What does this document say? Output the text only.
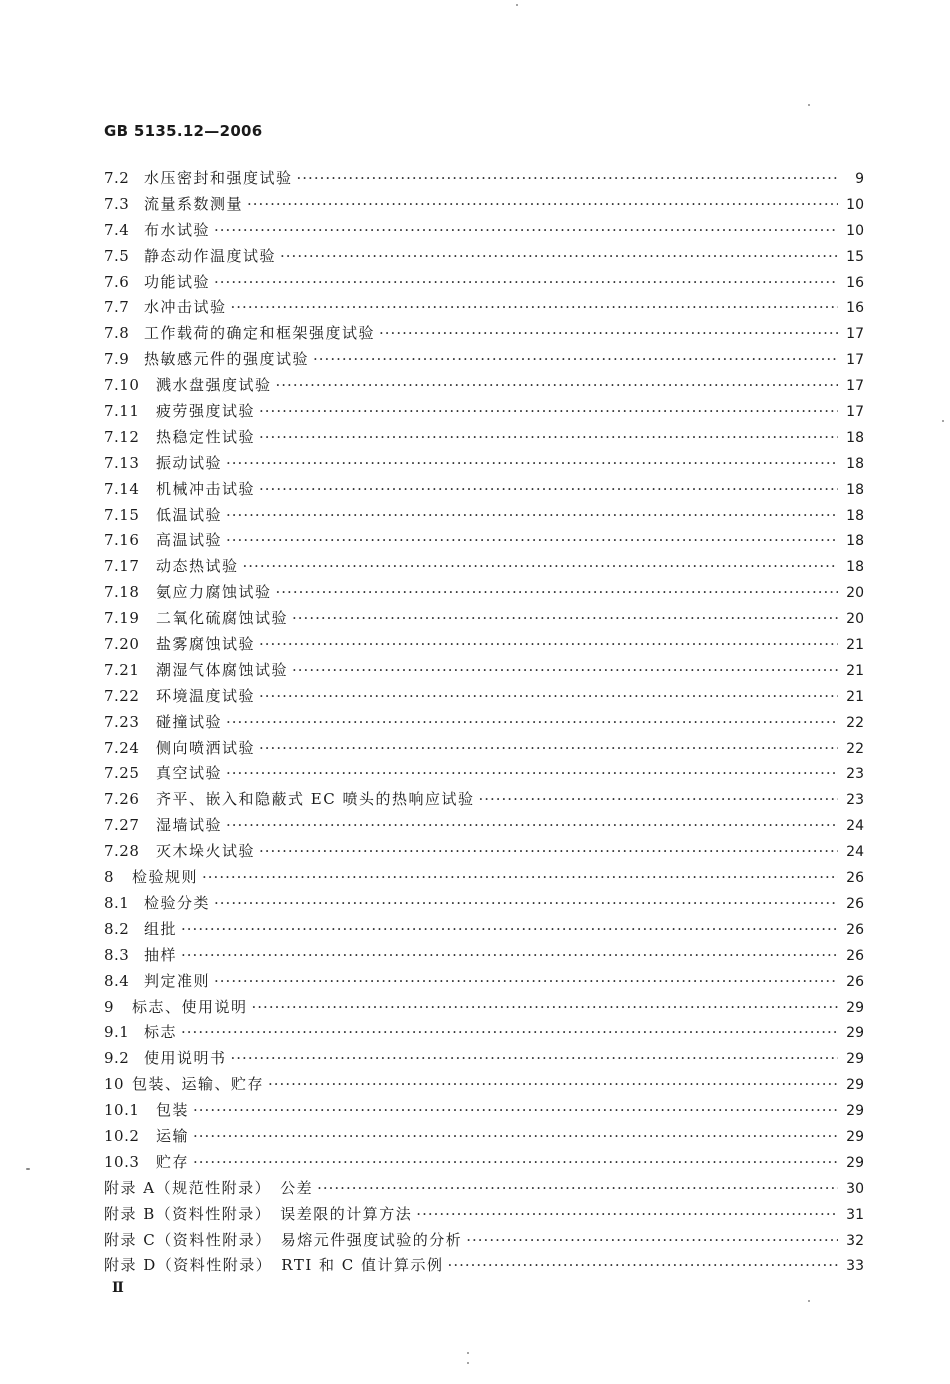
GB 5135.12—2006
7.2 水压密封和强度试验 ·····	9
7.3 流量系数测量 ·····	10
7.4 布水试验 ·····	10
7.5 静态动作温度试验 ·····	15
7.6 功能试验 ·····	16
7.7 水冲击试验 ·····	16
7.8 工作载荷的确定和框架强度试验 ·····	17
7.9 热敏感元件的强度试验 ·····	17
7.10	溅水盘强度试验 ·····	17
7.11	疲劳强度试验 ·····	17
7.12	热稳定性试验 ·····	18
7.13	振动试验 ·····	18
7.14	机械冲击试验 ·····	18
7.15	低温试验 ·····	18
7.16	高温试验 ·····	18
7.17	动态热试验 ·····	18
7.18	氨应力腐蚀试验 ·····	20
7.19	二氧化硫腐蚀试验 ·····	20
7.20	盐雾腐蚀试验 ·····	21
7.21	潮湿气体腐蚀试验 ·····	21
7.22	环境温度试验 ·····	21
7.23	碰撞试验 ·····	22
7.24	侧向喷洒试验 ·····	22
7.25	真空试验 ·····	23
7.26	齐平、嵌入和隐蔽式 EC 喷头的热响应试验 ·····	23
7.27	湿墙试验 ·····	24
7.28	灭木垛火试验 ·····	24
8	检验规则 ·····	26
8.1 检验分类 ·····	26
8.2 组批 ·····	26
8.3 抽样 ·····	26
8.4 判定准则 ·····	26
9	标志、使用说明 ·····	29
9.1 标志 ·····	29
9.2 使用说明书 ·····	29
10 包装、运输、贮存 ·····	29
10.1	包装 ·····	29
10.2	运输 ·····	29
10.3	贮存 ·····	29
附录 A（规范性附录）　公差 ·····	30
附录 B（资料性附录）　误差限的计算方法 ·····	31
附录 C（资料性附录）　易熔元件强度试验的分析 ·····	32
附录 D（资料性附录）　RTI 和 C 值计算示例 ·····	33
Ⅱ
